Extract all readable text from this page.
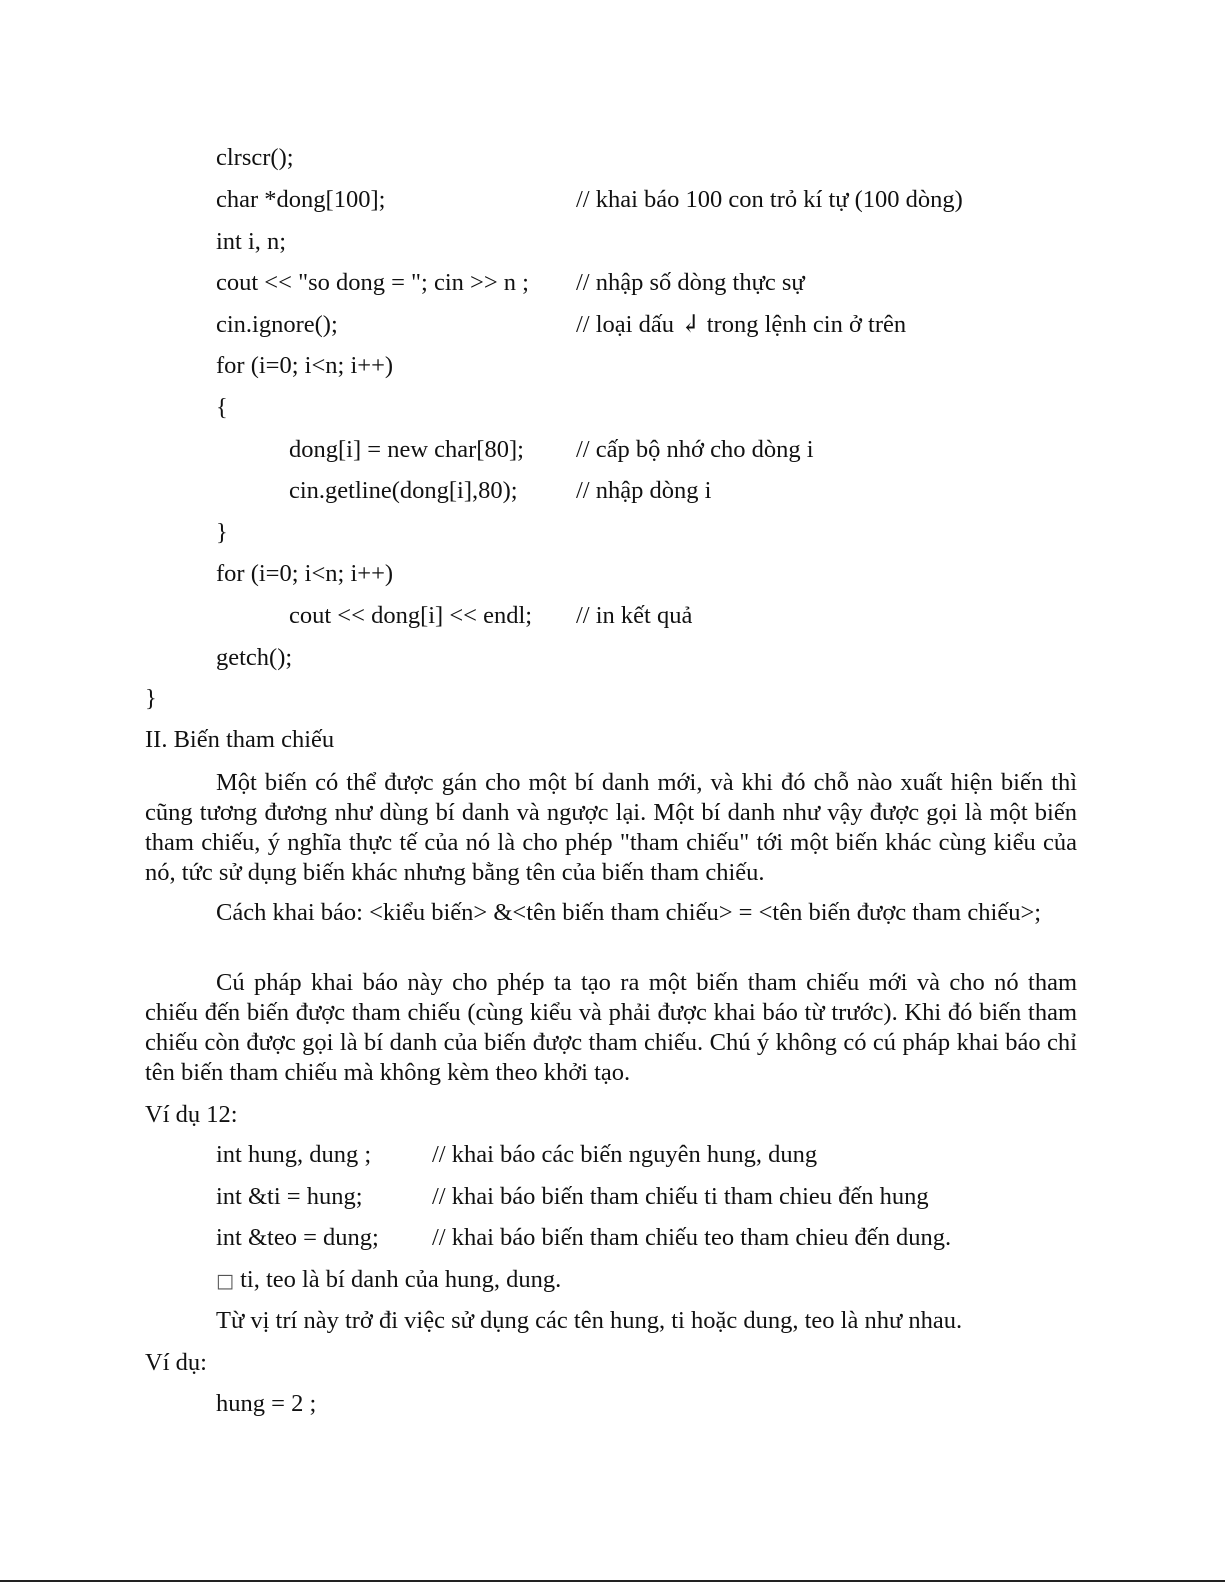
clrscr();
char *dong[100];	// khai báo 100 con trỏ kí tự (100 dòng)
int i, n;
cout << "so dong = "; cin >> n ; // nhập số dòng thực sự
cin.ignore();	// loại dấu ↲ trong lệnh cin ở trên
for (i=0; i<n; i++)
{
dong[i] = new char[80]; // cấp bộ nhớ cho dòng i
cin.getline(dong[i],80); // nhập dòng i
}
for (i=0; i<n; i++)
cout << dong[i] << endl; // in kết quả
getch();
}
II. Biến tham chiếu

Một biến có thể được gán cho một bí danh mới, và khi đó chỗ nào xuất hiện biến thì cũng tương đương như dùng bí danh và ngược lại. Một bí danh như vậy được gọi là một biến tham chiếu, ý nghĩa thực tế của nó là cho phép "tham chiếu" tới một biến khác cùng kiểu của nó, tức sử dụng biến khác nhưng bằng tên của biến tham chiếu.

Cách khai báo: <kiểu biến> &<tên biến tham chiếu> = <tên biến được tham chiếu>;

Cú pháp khai báo này cho phép ta tạo ra một biến tham chiếu mới và cho nó tham chiếu đến biến được tham chiếu (cùng kiểu và phải được khai báo từ trước). Khi đó biến tham chiếu còn được gọi là bí danh của biến được tham chiếu. Chú ý không có cú pháp khai báo chỉ tên biến tham chiếu mà không kèm theo khởi tạo.

Ví dụ 12:
int hung, dung ; // khai báo các biến nguyên hung, dung
int &ti = hung;	// khai báo biến tham chiếu ti tham chieu đến hung
int &teo = dung; // khai báo biến tham chiếu teo tham chieu đến dung.
□ ti, teo là bí danh của hung, dung.
Từ vị trí này trở đi việc sử dụng các tên hung, ti hoặc dung, teo là như nhau.
Ví dụ:
hung = 2 ;
